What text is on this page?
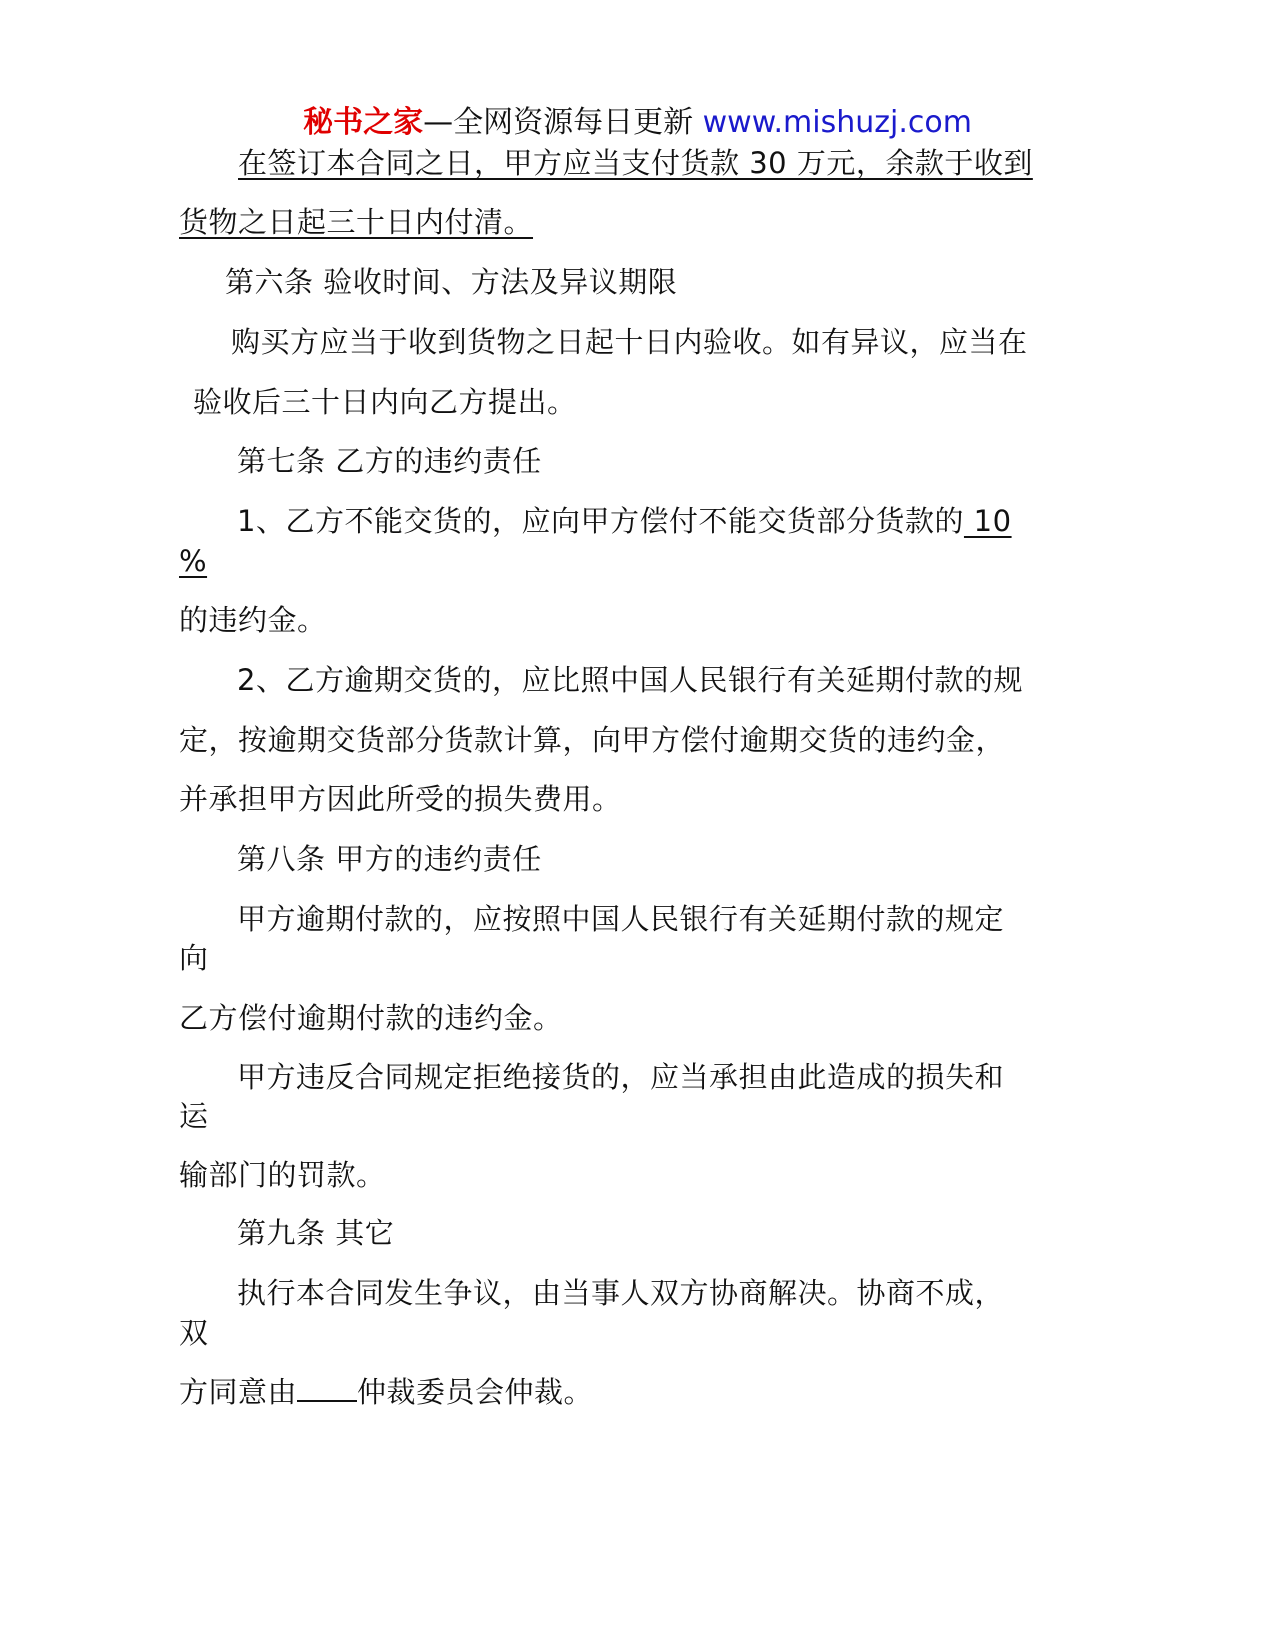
秘书之家—全网资源每日更新 www.mishuzj.com
在签订本合同之日，甲方应当支付货款 30 万元，余款于收到
货物之日起三十日内付清。
第六条 验收时间、方法及异议期限
购买方应当于收到货物之日起十日内验收。如有异议，应当在
验收后三十日内向乙方提出。
第七条 乙方的违约责任
1、乙方不能交货的，应向甲方偿付不能交货部分货款的 10
%
的违约金。
2、乙方逾期交货的，应比照中国人民银行有关延期付款的规
定，按逾期交货部分货款计算，向甲方偿付逾期交货的违约金，
并承担甲方因此所受的损失费用。
第八条 甲方的违约责任
甲方逾期付款的，应按照中国人民银行有关延期付款的规定
向
乙方偿付逾期付款的违约金。
甲方违反合同规定拒绝接货的，应当承担由此造成的损失和
运
输部门的罚款。
第九条 其它
执行本合同发生争议，由当事人双方协商解决。协商不成，
双
方同意由 仲裁委员会仲裁。
